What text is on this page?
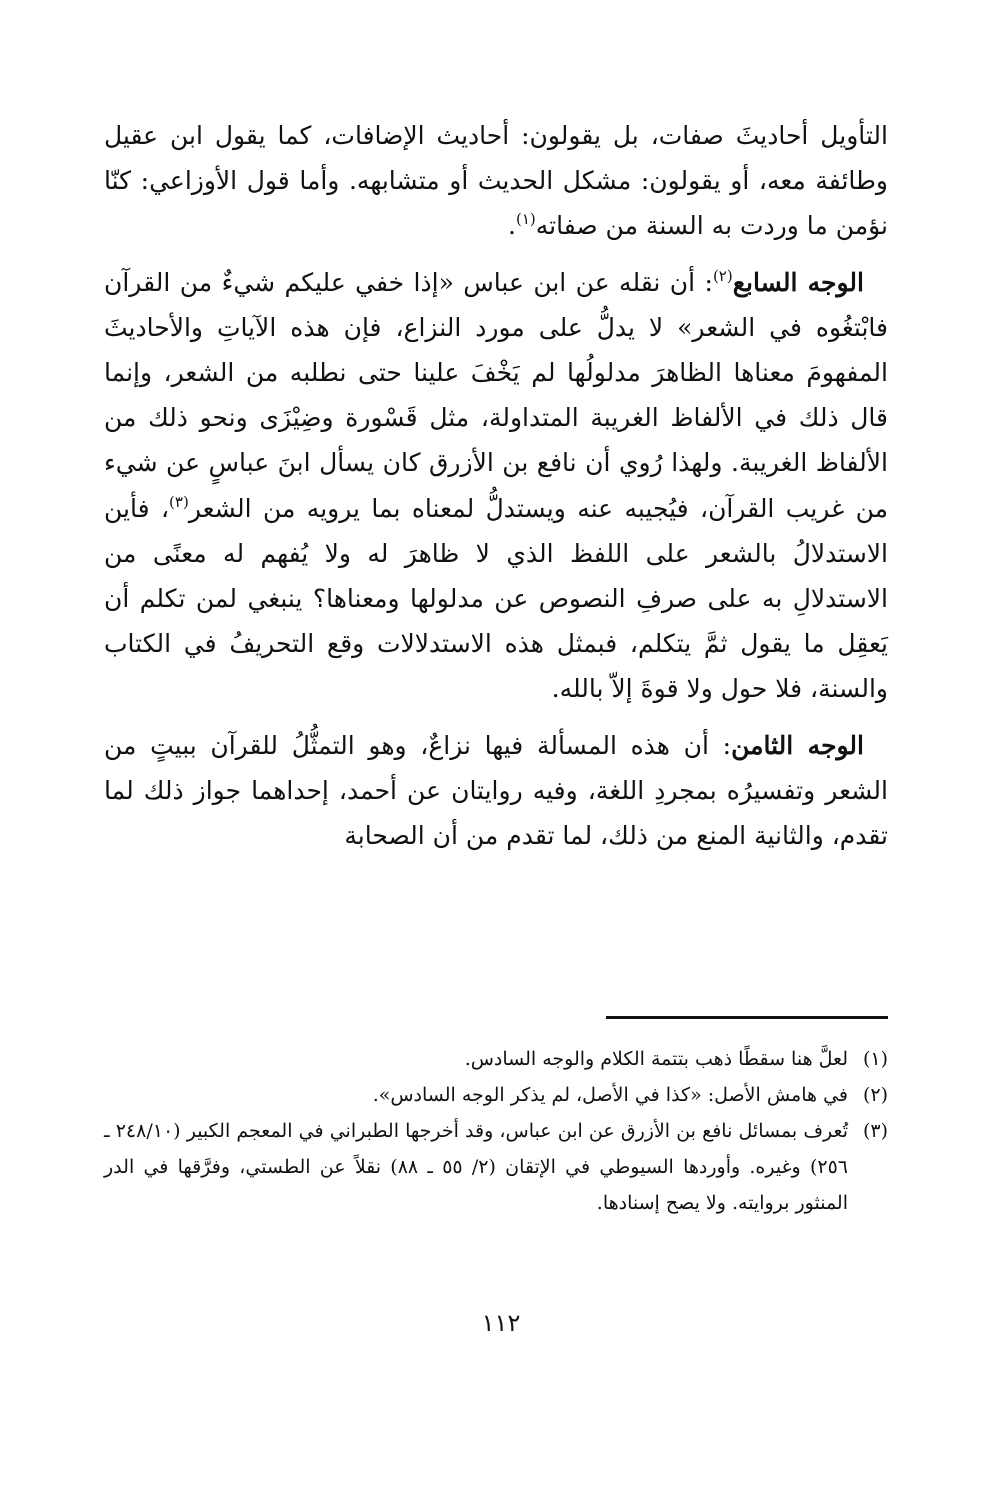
التأويل أحاديثَ صفات، بل يقولون: أحاديث الإضافات، كما يقول ابن عقيل وطائفة معه، أو يقولون: مشكل الحديث أو متشابهه. وأما قول الأوزاعي: كنّا نؤمن ما وردت به السنة من صفاته$^{(١)}$.

الوجه السابع$^{(٢)}$: أن نقله عن ابن عباس «إذا خفي عليكم شيءٌ من القرآن فابْتغُوه في الشعر» لا يدلُّ على مورد النزاع، فإن هذه الآياتِ والأحاديثَ المفهومَ معناها الظاهرَ مدلولُها لم يَخْفَ علينا حتى نطلبه من الشعر، وإنما قال ذلك في الألفاظ الغريبة المتداولة، مثل قَسْورة وضِيْزَى ونحو ذلك من الألفاظ الغريبة. ولهذا رُوي أن نافع بن الأزرق كان يسأل ابنَ عباسٍ عن شيء من غريب القرآن، فيُجيبه عنه ويستدلُّ لمعناه بما يرويه من الشعر$^{(٣)}$، فأين الاستدلالُ بالشعر على اللفظ الذي لا ظاهرَ له ولا يُفهم له معنًى من الاستدلالِ به على صرفِ النصوص عن مدلولها ومعناها؟ ينبغي لمن تكلم أن يَعقِل ما يقول ثمَّ يتكلم، فبمثل هذه الاستدلالات وقع التحريفُ في الكتاب والسنة، فلا حول ولا قوةَ إلاّ بالله.

الوجه الثامن: أن هذه المسألة فيها نزاعٌ، وهو التمثُّلُ للقرآن ببيتٍ من الشعر وتفسيرُه بمجردِ اللغة، وفيه روايتان عن أحمد، إحداهما جواز ذلك لما تقدم، والثانية المنع من ذلك، لما تقدم من أن الصحابة

(١)
لعلَّ هنا سقطًا ذهب بتتمة الكلام والوجه السادس.
(٢)
في هامش الأصل: «كذا في الأصل، لم يذكر الوجه السادس».
(٣)
تُعرف بمسائل نافع بن الأزرق عن ابن عباس، وقد أخرجها الطبراني في المعجم الكبير (٢٤٨/١٠ ـ ٢٥٦) وغيره. وأوردها السيوطي في الإتقان (٢/ ٥٥ ـ ٨٨) نقلاً عن الطستي، وفرَّقها في الدر المنثور بروايته. ولا يصح إسنادها.
١١٢
